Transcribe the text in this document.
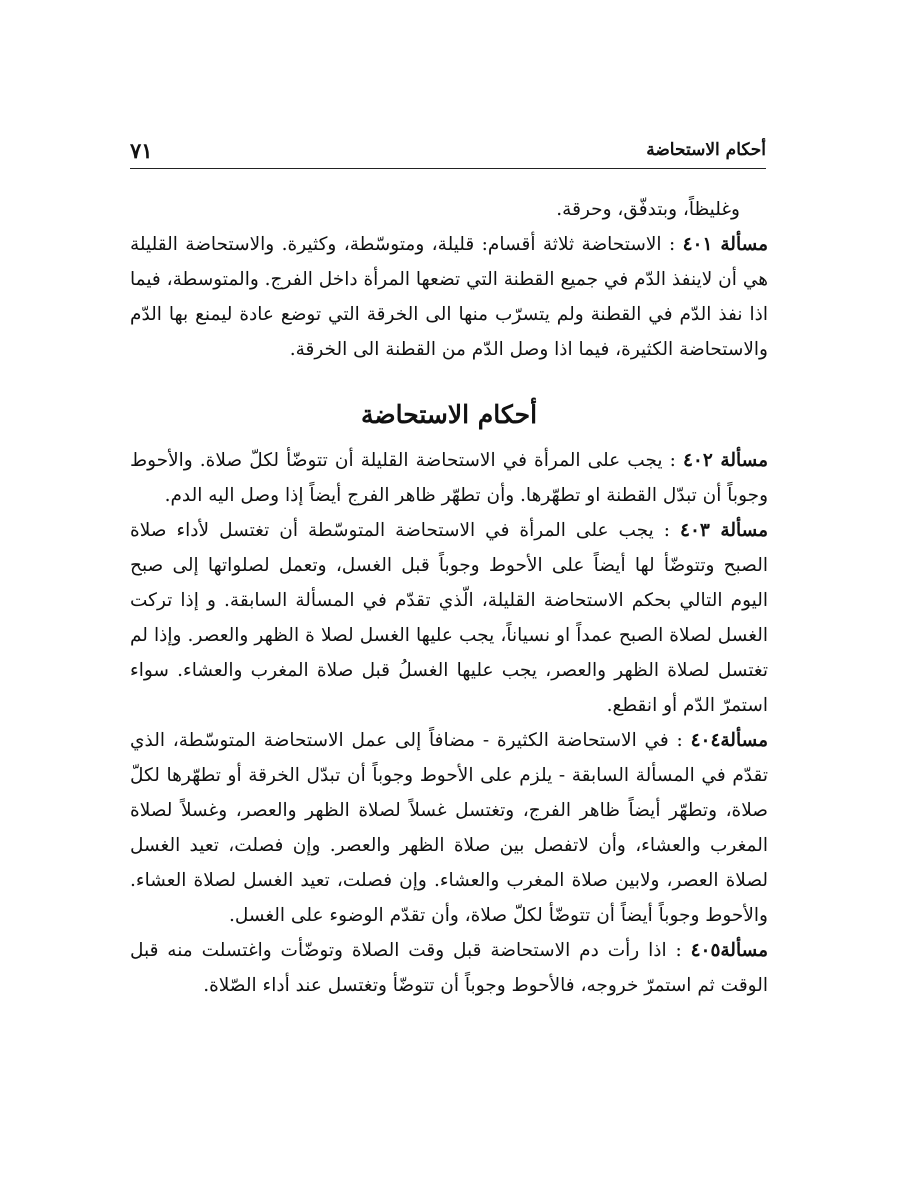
٧١	أحكام الاستحاضة

وغليظاً، وبتدفّق، وحرقة.

مسألة ٤٠١ : الاستحاضة ثلاثة أقسام: قليلة، ومتوسّطة، وكثيرة. والاستحاضة القليلة هي أن لاينفذ الدّم في جميع القطنة التي تضعها المرأة داخل الفرج. والمتوسطة، فيما اذا نفذ الدّم في القطنة ولم يتسرّب منها الى الخرقة التي توضع عادة ليمنع بها الدّم والاستحاضة الكثيرة، فيما اذا وصل الدّم من القطنة الى الخرقة.

أحكام الاستحاضة

مسألة ٤٠٢ : يجب على المرأة في الاستحاضة القليلة أن تتوضّأ لكلّ صلاة. والأحوط وجوباً أن تبدّل القطنة او تطهّرها. وأن تطهّر ظاهر الفرج أيضاً إذا وصل اليه الدم.

مسألة ٤٠٣ : يجب على المرأة في الاستحاضة المتوسّطة أن تغتسل لأداء صلاة الصبح وتتوضّأ لها أيضاً على الأحوط وجوباً قبل الغسل، وتعمل لصلواتها إلى صبح اليوم التالي بحكم الاستحاضة القليلة، الّذي تقدّم في المسألة السابقة. و إذا تركت الغسل لصلاة الصبح عمداً او نسياناً، يجب عليها الغسل لصلا ة الظهر والعصر. وإذا لم تغتسل لصلاة الظهر والعصر، يجب عليها الغسلُ قبل صلاة المغرب والعشاء. سواء استمرّ الدّم أو انقطع.

مسألة٤٠٤ : في الاستحاضة الكثيرة - مضافاً إلى عمل الاستحاضة المتوسّطة، الذي تقدّم في المسألة السابقة - يلزم على الأحوط وجوباً أن تبدّل الخرقة أو تطهّرها لكلّ صلاة، وتطهّر أيضاً ظاهر الفرج، وتغتسل غسلاً لصلاة الظهر والعصر، وغسلاً لصلاة المغرب والعشاء، وأن لاتفصل بين صلاة الظهر والعصر. وإن فصلت، تعيد الغسل لصلاة العصر، ولابين صلاة المغرب والعشاء. وإن فصلت، تعيد الغسل لصلاة العشاء. والأحوط وجوباً أيضاً أن تتوضّأ لكلّ صلاة، وأن تقدّم الوضوء على الغسل.

مسألة٤٠٥ : اذا رأت دم الاستحاضة قبل وقت الصلاة وتوضّأت واغتسلت منه قبل الوقت ثم استمرّ خروجه، فالأحوط وجوباً أن تتوضّأ وتغتسل عند أداء الصّلاة.
